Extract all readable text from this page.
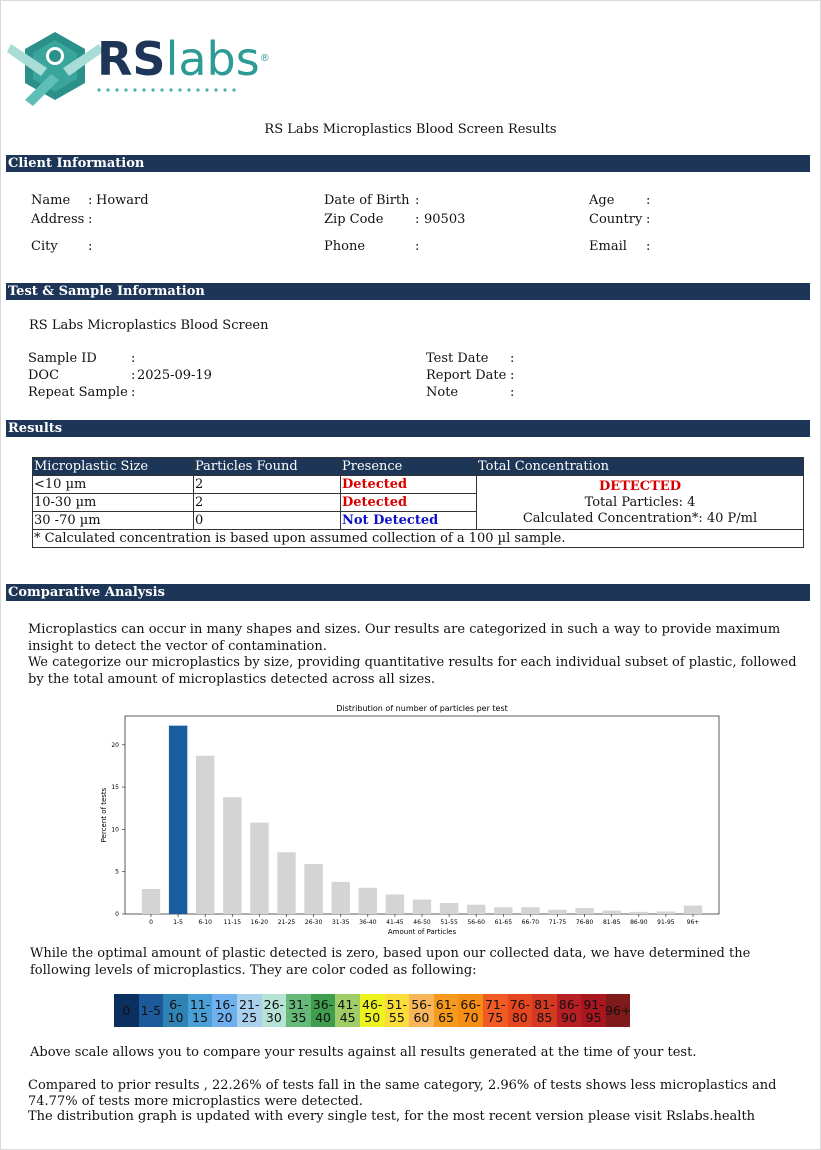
RSlabs®
RS Labs Microplastics Blood Screen Results
Client Information
Name : Howard	Date of Birth :	Age :
Address :	Zip Code : 90503	Country :
City :	Phone	:	Email :
Test & Sample Information
RS Labs Microplastics Blood Screen
Sample ID	:
DOC	: 2025-09-19
Repeat Sample :
Test Date :
Report Date :
Note	:
Results
Microplastic Size	Particles Found	Presence	Total Concentration
<10 µm	2	Detected	DETECTED
Total Particles: 4
Calculated Concentration*: 40 P/ml

10-30 µm	2	Detected	
30 -70 µm	0	Not Detected	
* Calculated concentration is based upon assumed collection of a 100 µl sample.			
Comparative Analysis
Microplastics can occur in many shapes and sizes. Our results are categorized in such a way to provide maximum insight to detect the vector of contamination.
We categorize our microplastics by size, providing quantitative results for each individual subset of plastic, followed by the total amount of microplastics detected across all sizes.
Distribution of number of particles per test
0
5
10
15
20
0	1-5	6-10 11-15 16-20 21-25 26-30 31-35 36-40 41-45 46-50 51-55 56-60 61-65 66-70 71-75 76-80 81-85 86-90 91-95 96+
Amount of Particles
Percent of tests
While the optimal amount of plastic detected is zero, based upon our collected data, we have determined the following levels of microplastics. They are color coded as following:
0 1-5 6-10
11-15
16-20
21-25
26-30
31-35
36-40
41-45
46-50
51-55
56-60
61-65
66-70
71-75
76-80
81-85
86-90
91-95 96+
Above scale allows you to compare your results against all results generated at the time of your test.
Compared to prior results , 22.26% of tests fall in the same category, 2.96% of tests shows less microplastics and 74.77% of tests more microplastics were detected.
The distribution graph is updated with every single test, for the most recent version please visit Rslabs.health
